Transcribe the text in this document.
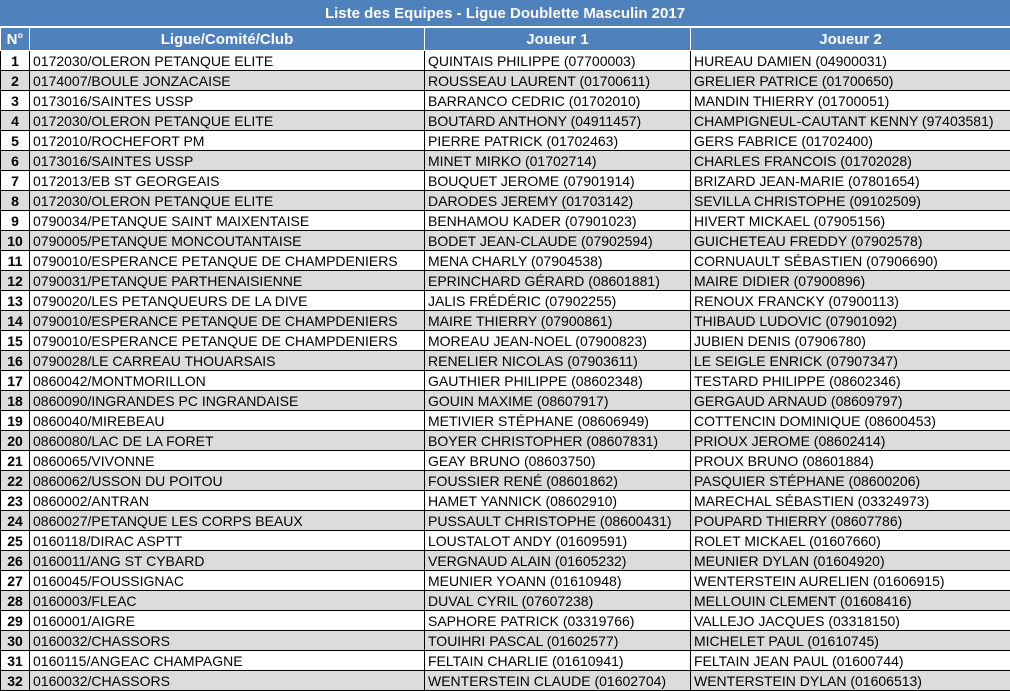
Liste des Equipes - Ligue Doublette Masculin 2017
N°	Ligue/Comité/Club	Joueur 1	Joueur 2
1	0172030/OLERON PETANQUE ELITE	QUINTAIS PHILIPPE (07700003)	HUREAU DAMIEN (04900031)
2	0174007/BOULE JONZACAISE	ROUSSEAU LAURENT (01700611)	GRELIER PATRICE (01700650)
3	0173016/SAINTES USSP	BARRANCO CEDRIC (01702010)	MANDIN THIERRY (01700051)
4	0172030/OLERON PETANQUE ELITE	BOUTARD ANTHONY (04911457)	CHAMPIGNEUL-CAUTANT KENNY (97403581)
5	0172010/ROCHEFORT PM	PIERRE PATRICK (01702463)	GERS FABRICE (01702400)
6	0173016/SAINTES USSP	MINET MIRKO (01702714)	CHARLES FRANCOIS (01702028)
7	0172013/EB ST GEORGEAIS	BOUQUET JEROME (07901914)	BRIZARD JEAN-MARIE (07801654)
8	0172030/OLERON PETANQUE ELITE	DARODES JEREMY (01703142)	SEVILLA CHRISTOPHE (09102509)
9	0790034/PETANQUE SAINT MAIXENTAISE	BENHAMOU KADER (07901023)	HIVERT MICKAEL (07905156)
10	0790005/PETANQUE MONCOUTANTAISE	BODET JEAN-CLAUDE (07902594)	GUICHETEAU FREDDY (07902578)
11	0790010/ESPERANCE PETANQUE DE CHAMPDENIERS	MENA CHARLY (07904538)	CORNUAULT SÉBASTIEN (07906690)
12	0790031/PETANQUE PARTHENAISIENNE	EPRINCHARD GÉRARD (08601881)	MAIRE DIDIER (07900896)
13	0790020/LES PETANQUEURS DE LA DIVE	JALIS FRÉDÉRIC (07902255)	RENOUX FRANCKY (07900113)
14	0790010/ESPERANCE PETANQUE DE CHAMPDENIERS	MAIRE THIERRY (07900861)	THIBAUD LUDOVIC (07901092)
15	0790010/ESPERANCE PETANQUE DE CHAMPDENIERS	MOREAU JEAN-NOEL (07900823)	JUBIEN DENIS (07906780)
16	0790028/LE CARREAU THOUARSAIS	RENELIER NICOLAS (07903611)	LE SEIGLE ENRICK (07907347)
17	0860042/MONTMORILLON	GAUTHIER PHILIPPE (08602348)	TESTARD PHILIPPE (08602346)
18	0860090/INGRANDES PC INGRANDAISE	GOUIN MAXIME (08607917)	GERGAUD ARNAUD (08609797)
19	0860040/MIREBEAU	METIVIER STÉPHANE (08606949)	COTTENCIN DOMINIQUE (08600453)
20	0860080/LAC DE LA FORET	BOYER CHRISTOPHER (08607831)	PRIOUX JEROME (08602414)
21	0860065/VIVONNE	GEAY BRUNO (08603750)	PROUX BRUNO (08601884)
22	0860062/USSON DU POITOU	FOUSSIER RENÉ (08601862)	PASQUIER STÉPHANE (08600206)
23	0860002/ANTRAN	HAMET YANNICK (08602910)	MARECHAL SÉBASTIEN (03324973)
24	0860027/PETANQUE LES CORPS BEAUX	PUSSAULT CHRISTOPHE (08600431)	POUPARD THIERRY (08607786)
25	0160118/DIRAC ASPTT	LOUSTALOT ANDY (01609591)	ROLET MICKAEL (01607660)
26	0160011/ANG ST CYBARD	VERGNAUD ALAIN (01605232)	MEUNIER DYLAN (01604920)
27	0160045/FOUSSIGNAC	MEUNIER YOANN (01610948)	WENTERSTEIN AURELIEN (01606915)
28	0160003/FLEAC	DUVAL CYRIL (07607238)	MELLOUIN CLEMENT (01608416)
29	0160001/AIGRE	SAPHORE PATRICK (03319766)	VALLEJO JACQUES (03318150)
30	0160032/CHASSORS	TOUIHRI PASCAL (01602577)	MICHELET PAUL (01610745)
31	0160115/ANGEAC CHAMPAGNE	FELTAIN CHARLIE (01610941)	FELTAIN JEAN PAUL (01600744)
32	0160032/CHASSORS	WENTERSTEIN CLAUDE (01602704)	WENTERSTEIN DYLAN (01606513)
